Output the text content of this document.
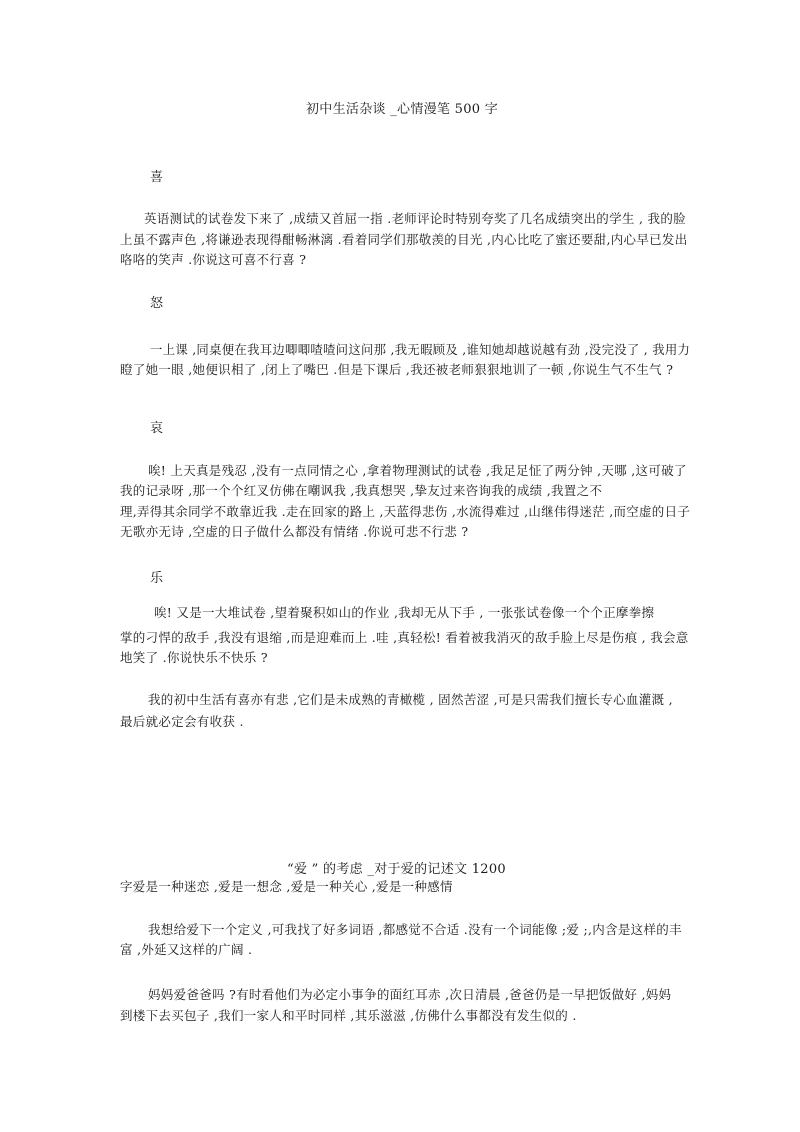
初中生活杂谈 _心情漫笔 500 字
喜
英语测试的试卷发下来了 ,成绩又首屈一指 .老师评论时特别夸奖了几名成绩突出的学生 , 我的脸
上虽不露声色 ,将谦逊表现得酣畅淋漓 .看着同学们那敬羡的目光 ,内心比吃了蜜还要甜,内心早已发出
咯咯的笑声 .你说这可喜不行喜 ?
怒
一上课 ,同桌便在我耳边唧唧喳喳问这问那 ,我无暇顾及 ,谁知她却越说越有劲 ,没完没了 , 我用力
瞪了她一眼 ,她便识相了 ,闭上了嘴巴 .但是下课后 ,我还被老师狠狠地训了一顿 ,你说生气不生气 ?
哀
唉! 上天真是残忍 ,没有一点同情之心 ,拿着物理测试的试卷 ,我足足怔了两分钟 ,天哪 ,这可破了
我的记录呀 ,那一个个红叉仿佛在嘲讽我 ,我真想哭 ,挚友过来咨询我的成绩 ,我置之不
理,弄得其余同学不敢靠近我 .走在回家的路上 ,天蓝得悲伤 ,水流得难过 ,山继伟得迷茫 ,而空虚的日子
无歌亦无诗 ,空虚的日子做什么都没有情绪 .你说可悲不行悲 ?
乐
唉! 又是一大堆试卷 ,望着聚积如山的作业 ,我却无从下手 , 一张张试卷像一个个正摩拳擦
掌的刁悍的敌手 ,我没有退缩 ,而是迎难而上 .哇 ,真轻松! 看着被我消灭的敌手脸上尽是伤痕 , 我会意
地笑了 .你说快乐不快乐 ?
我的初中生活有喜亦有悲 ,它们是未成熟的青橄榄 , 固然苦涩 ,可是只需我们擅长专心血灌溉 ,
最后就必定会有收获 .
“爱 ” 的考虑 _对于爱的记述文 1200
字爱是一种迷恋 ,爱是一想念 ,爱是一种关心 ,爱是一种感情
我想给爱下一个定义 ,可我找了好多词语 ,都感觉不合适 .没有一个词能像 ;爱 ;,内含是这样的丰
富 ,外延又这样的广阔 .
妈妈爱爸爸吗 ?有时看他们为必定小事争的面红耳赤 ,次日清晨 ,爸爸仍是一早把饭做好 ,妈妈
到楼下去买包子 ,我们一家人和平时同样 ,其乐滋滋 ,仿佛什么事都没有发生似的 .
